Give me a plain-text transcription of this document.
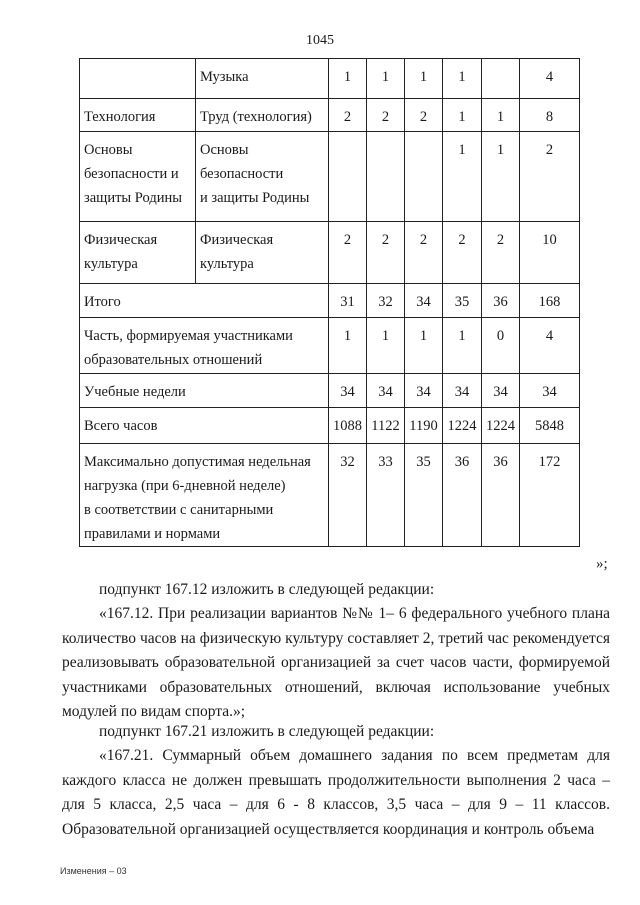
1045

	Музыка	1	1	1	1		4

Технология	Труд (технология)	2	2	2	1	1	8

Основы
безопасности и
защиты Родины	Основы
безопасности
и защиты Родины				1	1	2

Физическая
культура	Физическая
культура	2	2	2	2	2	10

Итого		31	32	34	35	36	168

Часть, формируемая участниками
образовательных отношений		1	1	1	1	0	4

Учебные недели		34	34	34	34	34	34

Всего часов		1088	1122	1190	1224	1224	5848

Максимально допустимая недельная
нагрузка (при 6-дневной неделе)
в соответствии с санитарными
правилами и нормами		32	33	35	36	36	172
»;

подпункт 167.12 изложить в следующей редакции:

«167.12. При реализации вариантов №№ 1– 6 федерального учебного плана количество часов на физическую культуру составляет 2, третий час рекомендуется реализовывать образовательной организацией за счет часов части, формируемой участниками образовательных отношений, включая использование учебных модулей по видам спорта.»;

подпункт 167.21 изложить в следующей редакции:

«167.21. Суммарный объем домашнего задания по всем предметам для каждого класса не должен превышать продолжительности выполнения 2 часа – для 5 класса, 2,5 часа – для 6 - 8 классов, 3,5 часа – для 9 – 11 классов. Образовательной организацией осуществляется координация и контроль объема

Изменения – 03
